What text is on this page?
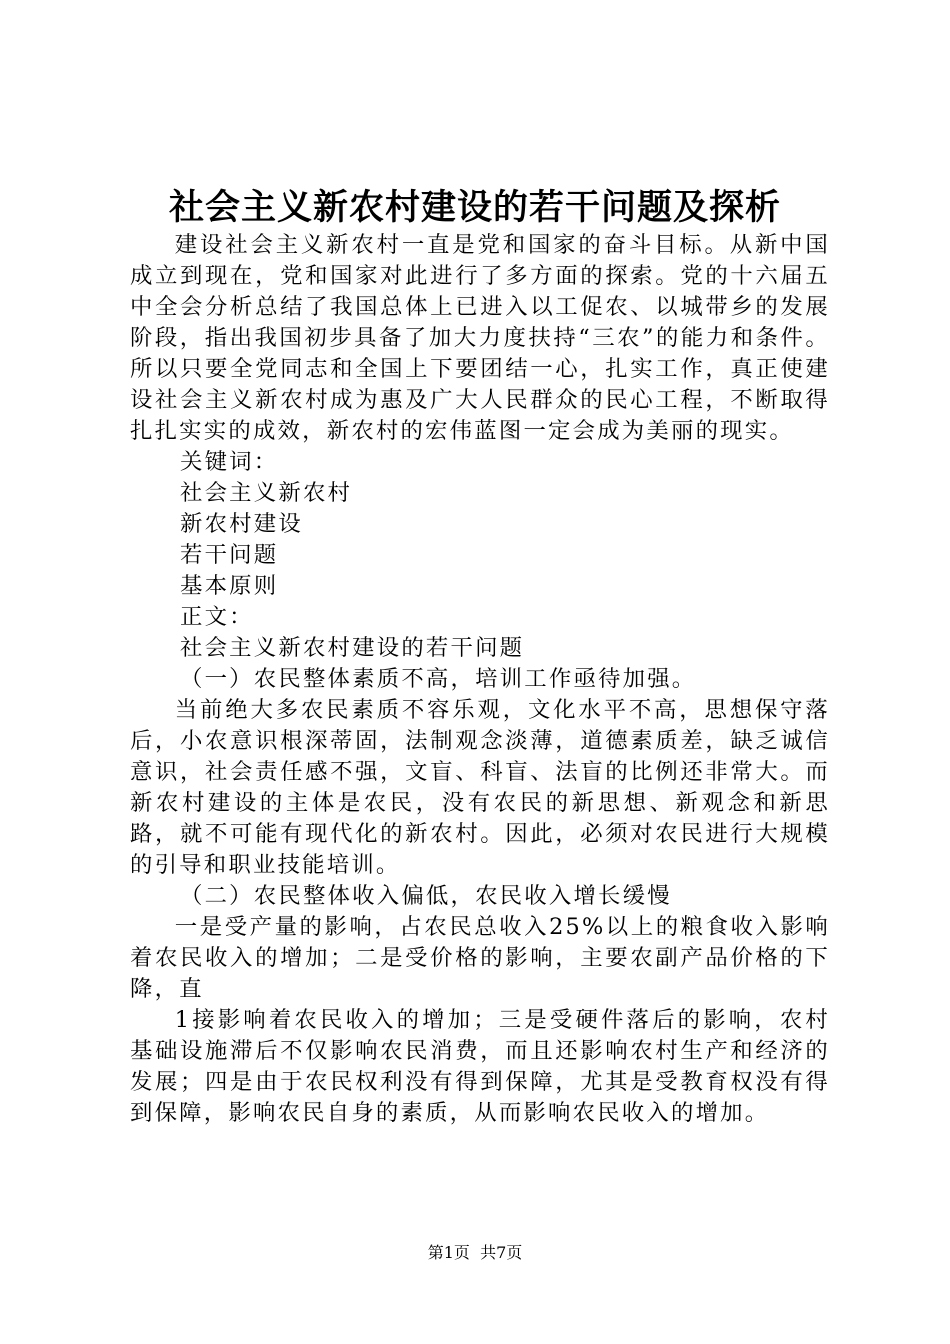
社会主义新农村建设的若干问题及探析

建设社会主义新农村一直是党和国家的奋斗目标。从新中国成立到现在，党和国家对此进行了多方面的探索。党的十六届五中全会分析总结了我国总体上已进入以工促农、以城带乡的发展阶段，指出我国初步具备了加大力度扶持“三农”的能力和条件。所以只要全党同志和全国上下要团结一心，扎实工作，真正使建设社会主义新农村成为惠及广大人民群众的民心工程，不断取得扎扎实实的成效，新农村的宏伟蓝图一定会成为美丽的现实。

关键词：

社会主义新农村

新农村建设

若干问题

基本原则

正文：

社会主义新农村建设的若干问题

（一）农民整体素质不高，培训工作亟待加强。

当前绝大多农民素质不容乐观，文化水平不高，思想保守落后，小农意识根深蒂固，法制观念淡薄，道德素质差，缺乏诚信意识，社会责任感不强，文盲、科盲、法盲的比例还非常大。而新农村建设的主体是农民，没有农民的新思想、新观念和新思路，就不可能有现代化的新农村。因此，必须对农民进行大规模的引导和职业技能培训。

（二）农民整体收入偏低，农民收入增长缓慢

一是受产量的影响，占农民总收入25%以上的粮食收入影响着农民收入的增加；二是受价格的影响，主要农副产品价格的下降，直

1接影响着农民收入的增加；三是受硬件落后的影响，农村基础设施滞后不仅影响农民消费，而且还影响农村生产和经济的发展；四是由于农民权利没有得到保障，尤其是受教育权没有得到保障，影响农民自身的素质，从而影响农民收入的增加。

第1页 共7页
